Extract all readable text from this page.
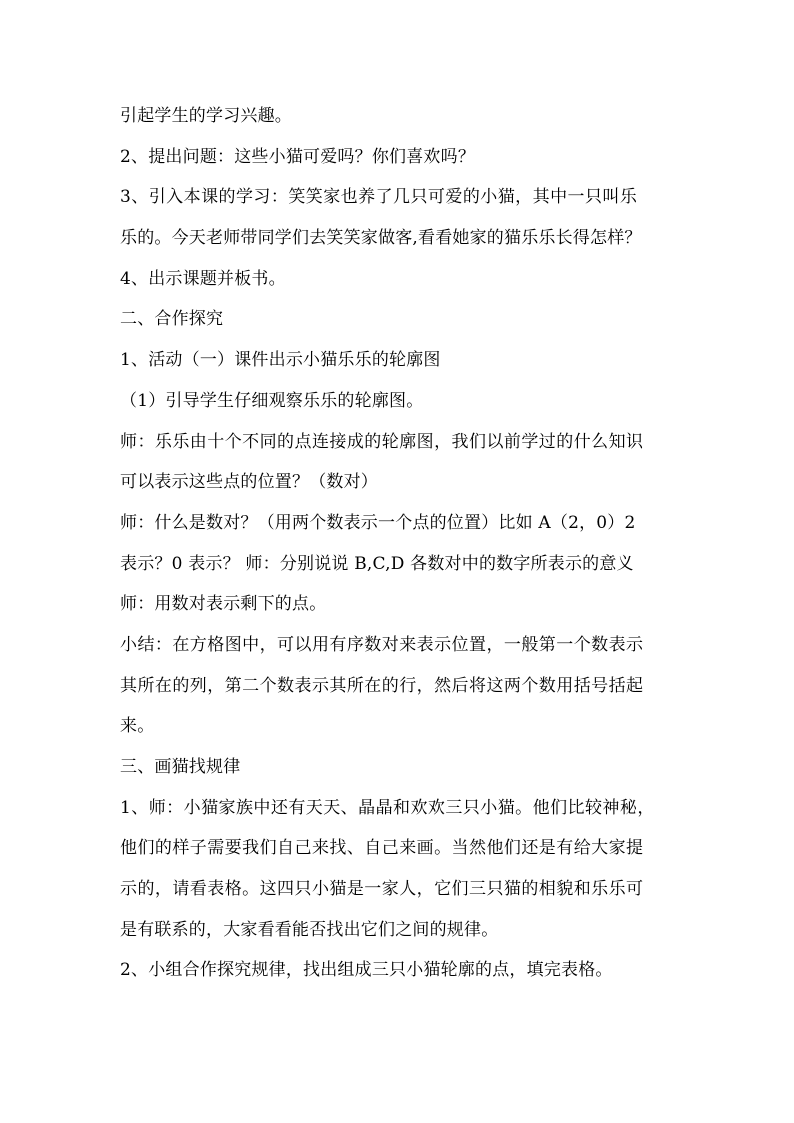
引起学生的学习兴趣。
2、提出问题：这些小猫可爱吗？你们喜欢吗？
3、引入本课的学习：笑笑家也养了几只可爱的小猫，其中一只叫乐
乐的。今天老师带同学们去笑笑家做客,看看她家的猫乐乐长得怎样？
4、出示课题并板书。
二、合作探究
1、活动（一）课件出示小猫乐乐的轮廓图
（1）引导学生仔细观察乐乐的轮廓图。
师：乐乐由十个不同的点连接成的轮廓图，我们以前学过的什么知识
可以表示这些点的位置？（数对）
师：什么是数对？（用两个数表示一个点的位置）比如 A（2，0）2
表示？0 表示？ 师：分别说说 B,C,D 各数对中的数字所表示的意义
师：用数对表示剩下的点。
小结：在方格图中，可以用有序数对来表示位置，一般第一个数表示
其所在的列，第二个数表示其所在的行，然后将这两个数用括号括起
来。
三、画猫找规律
1、师：小猫家族中还有天天、晶晶和欢欢三只小猫。他们比较神秘，
他们的样子需要我们自己来找、自己来画。当然他们还是有给大家提
示的，请看表格。这四只小猫是一家人，它们三只猫的相貌和乐乐可
是有联系的，大家看看能否找出它们之间的规律。
2、小组合作探究规律，找出组成三只小猫轮廓的点，填完表格。
